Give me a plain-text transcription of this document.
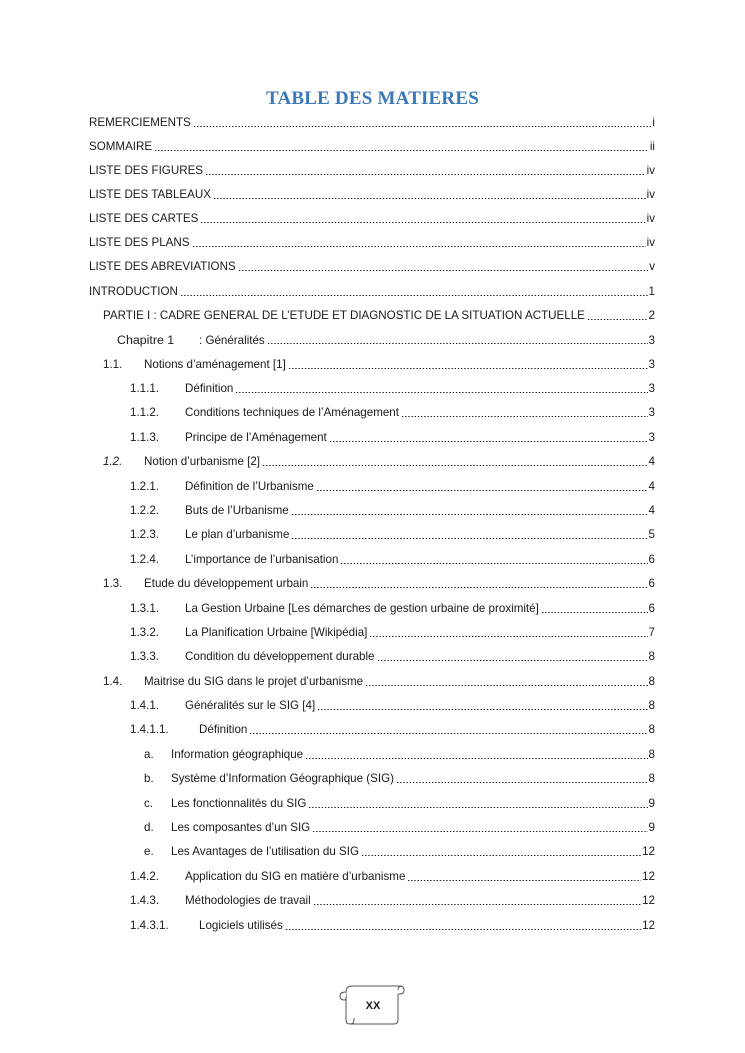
TABLE DES MATIERES
REMERCIEMENTS	i
SOMMAIRE	ii
LISTE DES FIGURES	iv
LISTE DES TABLEAUX	iv
LISTE DES CARTES	iv
LISTE DES PLANS	iv
LISTE DES ABREVIATIONS	v
INTRODUCTION	1
PARTIE I : CADRE GENERAL DE L’ETUDE ET DIAGNOSTIC DE LA SITUATION ACTUELLE	2
Chapitre 1	: Généralités	3
1.1.	Notions d’aménagement [1]	3
1.1.1.	Définition	3
1.1.2.	Conditions techniques de l’Aménagement	3
1.1.3.	Principe de l’Aménagement	3
1.2.	Notion d’urbanisme [2]	4
1.2.1.	Définition de l’Urbanisme	4
1.2.2.	Buts de l’Urbanisme	4
1.2.3.	Le plan d’urbanisme	5
1.2.4.	L’importance de l’urbanisation	6
1.3.	Etude du développement urbain	6
1.3.1.	La Gestion Urbaine [Les démarches de gestion urbaine de proximité]	6
1.3.2.	La Planification Urbaine [Wikipédia]	7
1.3.3.	Condition du développement durable	8
1.4.	Maitrise du SIG dans le projet d’urbanisme	8
1.4.1.	Généralités sur le SIG [4]	8
1.4.1.1.	Définition	8
a.	Information géographique	8
b.	Système d’Information Géographique (SIG)	8
c.	Les fonctionnalités du SIG	9
d.	Les composantes d’un SIG	9
e.	Les Avantages de l’utilisation du SIG	12
1.4.2.	Application du SIG en matière d’urbanisme	12
1.4.3.	Méthodologies de travail	12
1.4.3.1.	Logiciels utilisés	12
XX
